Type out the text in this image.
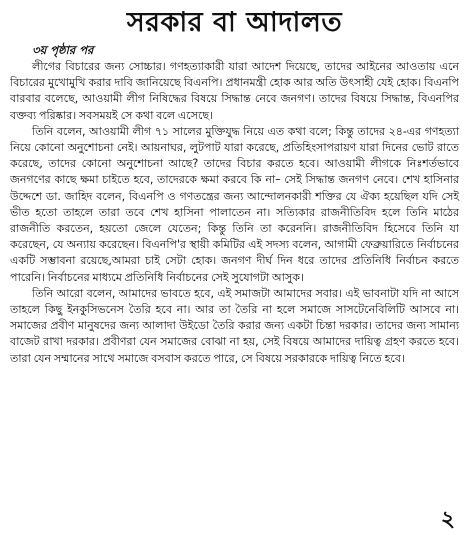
সরকার বা আদালত
৩য় পৃষ্ঠার পর

লীগের বিচারের জন্য সোচ্চার। গণহত্যাকারী যারা আদেশ দিয়েছে, তাদের আইনের আওতায় এনে বিচারের মুখোমুখি করার দাবি জানিয়েছে বিএনপি। প্রধানমন্ত্রী হোক আর অতি উৎসাহী যেই হোক। বিএনপি বারবার বলেছে, আওয়ামী লীগ নিষিদ্ধের বিষয়ে সিদ্ধান্ত নেবে জনগণ। তাদের বিষয়ে সিদ্ধান্ত, বিএনপির বক্তব্য পরিষ্কার। সবসময়ই সে কথা বলে এসেছে।

তিনি বলেন, আওয়ামী লীগ ৭১ সালের মুক্তিযুদ্ধ নিয়ে এত কথা বলে; কিন্তু তাদের ২৪-এর গণহত্যা নিয়ে কোনো অনুশোচনা নেই। আয়নাঘর, লুটপাট যারা করেছে, প্রতিহিংসাপরায়ণ যারা দিনের ভোট রাতে করেছে, তাদের কোনো অনুশোচনা আছে? তাদের বিচার করতে হবে। আওয়ামী লীগকে নিঃশর্তভাবে জনগণের কাছে ক্ষমা চাইতে হবে, তাদেরকে ক্ষমা করবে কি না– সেই সিদ্ধান্ত জনগণ নেবে। শেখ হাসিনার উদ্দেশে ডা. জাহিদ বলেন, বিএনপি ও গণতন্ত্রের জন্য আন্দোলনকারী শক্তির যে ঐক্য হয়েছিল যদি সেই ভীত হতো তাহলে তারা তবে শেখ হাসিনা পালাতেন না। সত্যিকার রাজনীতিবিদ হলে তিনি মাঠের রাজনীতি করতেন, হয়তো জেলে যেতেন; কিন্তু তিনি তা করেননি। রাজনীতিবিদ হিসেবে তিনি যা করেছেন, যে অন্যায় করেছেন। বিএনপি'র স্থায়ী কমিটির এই সদস্য বলেন, আগামী ফেব্রুয়ারিতে নির্বাচনের একটি সম্ভাবনা রয়েছে,আমরা চাই সেটা হোক। জনগণ দীর্ঘ দিন ধরে তাদের প্রতিনিধি নির্বাচন করতে পারেনি। নির্বাচনের মাধ্যমে প্রতিনিধি নির্বাচনের সেই সুযোগটা আসুক।

তিনি আরো বলেন, আমাদের ভাবতে হবে, এই সমাজটা আমাদের সবার। এই ভাবনাটা যদি না আসে তাহলে কিছু ইনকুসিভনেস তৈরি হবে না। আর তা তৈরি না হলে সমাজে সাসটেনেবিলিটি আসবে না। সমাজের প্রবীণ মানুষদের জন্য আলাদা উইডো তৈরি করার জন্য একটা চিন্তা দরকার। তাদের জন্য সামান্য বাজেট রাখা দরকার। প্রবীণরা যেন সমাজের বোঝা না হয়, সেই বিষয়ে আমাদের দায়িত্ব গ্রহণ করতে হবে। তারা যেন সম্মানের সাথে সমাজে বসবাস করতে পারে, সে বিষয়ে সরকারকে দায়িত্ব নিতে হবে।

২
